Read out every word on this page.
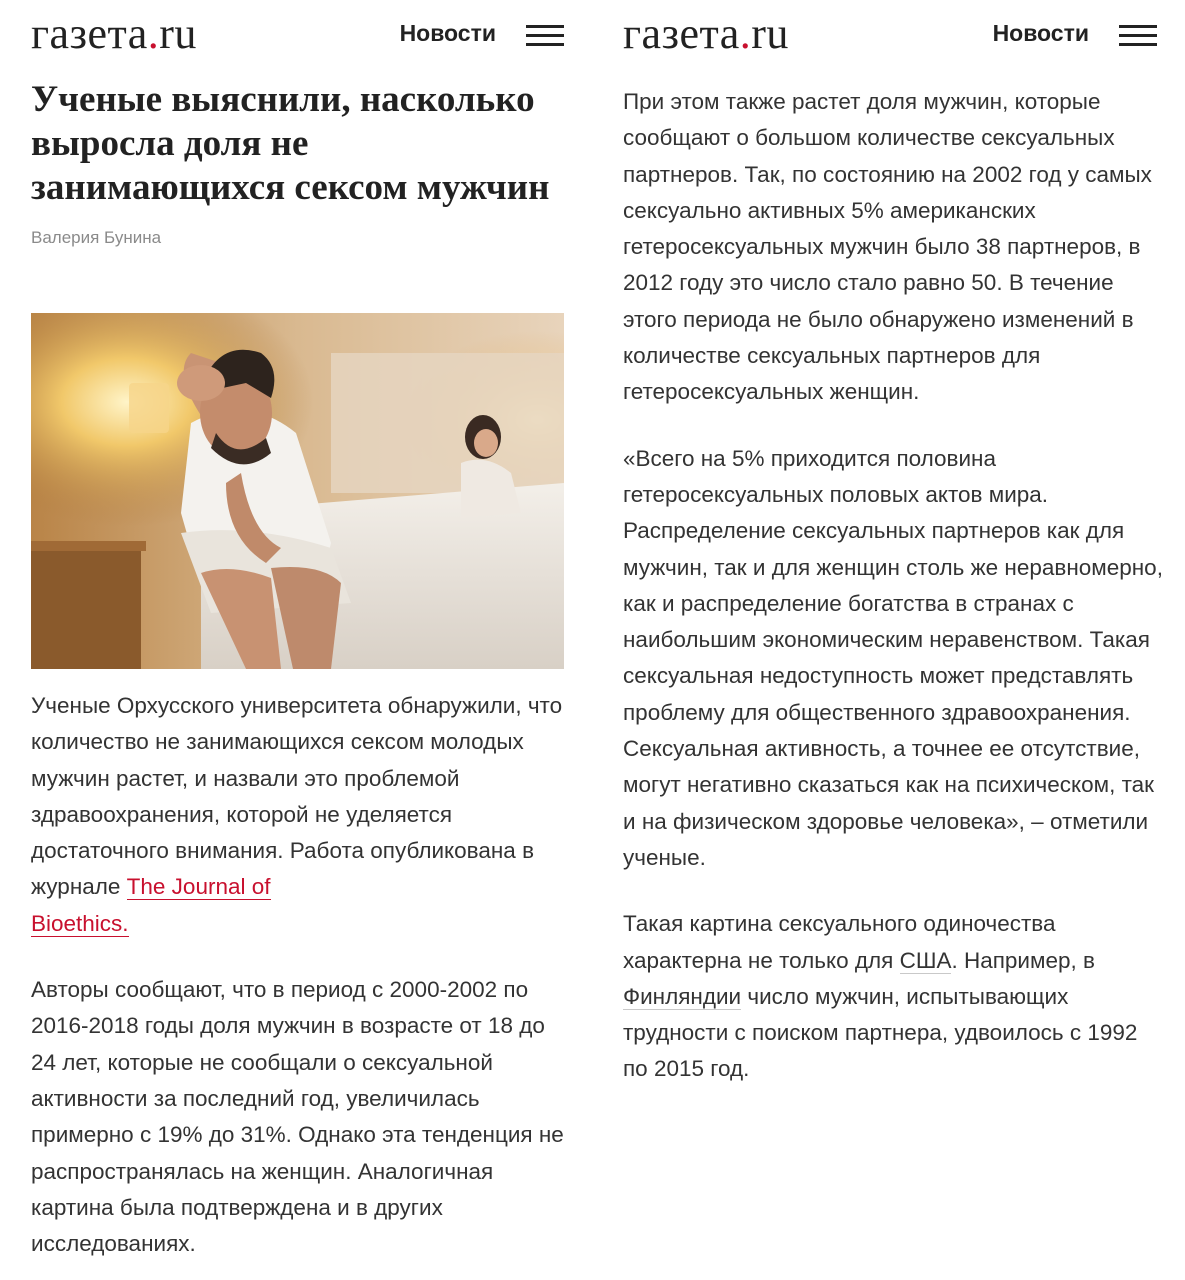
газета.ru	Новости
Ученые выяснили, насколько выросла доля не занимающихся сексом мужчин
Валерия Бунина

Ученые Орхусского университета обнаружили, что количество не занимающихся сексом молодых мужчин растет, и назвали это проблемой здравоохранения, которой не уделяется достаточного внимания. Работа опубликована в журнале The Journal of
Bioethics.

Авторы сообщают, что в период с 2000-2002 по 2016-2018 годы доля мужчин в возрасте от 18 до 24 лет, которые не сообщали о сексуальной активности за последний год, увеличилась примерно с 19% до 31%. Однако эта тенденция не распространялась на женщин. Аналогичная картина была подтверждена и в других исследованиях.

газета.ru	Новости

При этом также растет доля мужчин, которые сообщают о большом количестве сексуальных партнеров. Так, по состоянию на 2002 год у самых сексуально активных 5% американских гетеросексуальных мужчин было 38 партнеров, в 2012 году это число стало равно 50. В течение этого периода не было обнаружено изменений в количестве сексуальных партнеров для гетеросексуальных женщин.

«Всего на 5% приходится половина гетеросексуальных половых актов мира. Распределение сексуальных партнеров как для мужчин, так и для женщин столь же неравномерно, как и распределение богатства в странах с наибольшим экономическим неравенством. Такая сексуальная недоступность может представлять проблему для общественного здравоохранения. Сексуальная активность, а точнее ее отсутствие, могут негативно сказаться как на психическом, так и на физическом здоровье человека», – отметили ученые.

Такая картина сексуального одиночества характерна не только для США. Например, в Финляндии число мужчин, испытывающих трудности с поиском партнера, удвоилось с 1992 по 2015 год.
